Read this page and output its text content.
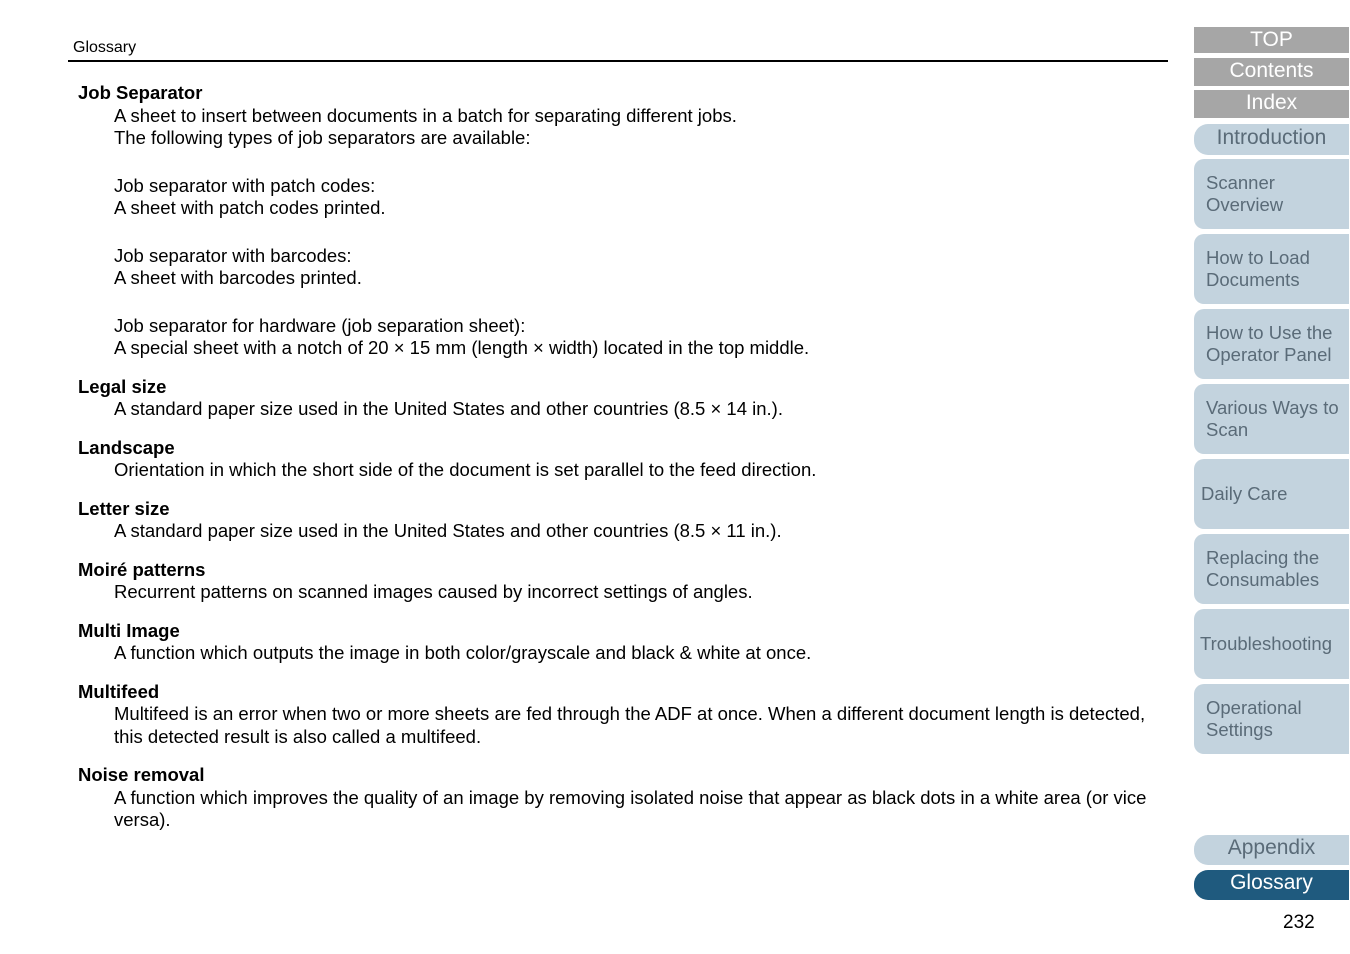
Glossary
Job Separator

A sheet to insert between documents in a batch for separating different jobs.

The following types of job separators are available:

Job separator with patch codes:

A sheet with patch codes printed.

Job separator with barcodes:

A sheet with barcodes printed.

Job separator for hardware (job separation sheet):

A special sheet with a notch of 20 × 15 mm (length × width) located in the top middle.

Legal size
A standard paper size used in the United States and other countries (8.5 × 14 in.).
Landscape
Orientation in which the short side of the document is set parallel to the feed direction.
Letter size
A standard paper size used in the United States and other countries (8.5 × 11 in.).
Moiré patterns
Recurrent patterns on scanned images caused by incorrect settings of angles.
Multi Image
A function which outputs the image in both color/grayscale and black & white at once.
Multifeed
Multifeed is an error when two or more sheets are fed through the ADF at once. When a different document length is detected, this detected result is also called a multifeed.
Noise removal
A function which improves the quality of an image by removing isolated noise that appear as black dots in a white area (or vice versa).
TOP
Contents
Index
Introduction
Scanner
Overview
How to Load
Documents
How to Use the
Operator Panel
Various Ways to
Scan
Daily Care
Replacing the
Consumables
Troubleshooting
Operational
Settings
Appendix
Glossary
232
